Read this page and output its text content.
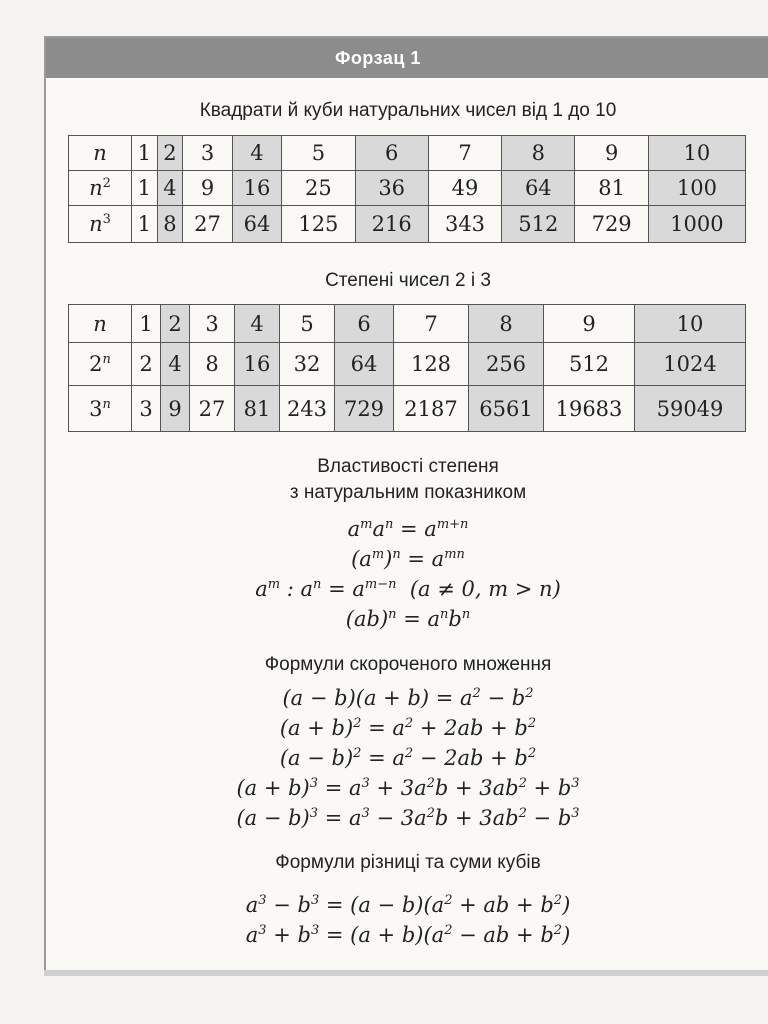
Форзац 1
Квадрати й куби натуральних чисел від 1 до 10
n	1	2	3	4	5	6	7	8	9	10
$n^2$	1	4	9	16	25	36	49	64	81	100
$n^3$	1	8	27	64	125	216	343	512	729	1000
Степені чисел 2 і 3
n	1	2	3	4	5	6	7	8	9	10
2$^n$	2	4	8	16	32	64	128	256	512	1024
3$^n$	3	9	27	81	243	729	2187	6561	19683	59049
Властивості степеня
з натуральним показником
$a^ma^n = a^{m+n}$
$(a^m)^n = a^{mn}$
$a^m$ : $a^n = a^{m-n}$  (a ≠ 0, m > n)
$(ab)^n = a^nb^n$
Формули скороченого множення
$(a - b)(a + b) = a^2 - b^2$
$(a + b)^2 = a^2 + 2ab + b^2$
$(a - b)^2 = a^2 - 2ab + b^2$
$(a + b)^3 = a^3 + 3a^2b + 3ab^2 + b^3$
$(a - b)^3 = a^3 - 3a^2b + 3ab^2 - b^3$
Формули різниці та суми кубів
$a^3 - b^3 = (a - b)(a^2$ + ab + $b^2$)
$a^3 + b^3 = (a + b)(a^2$ − ab + $b^2$)
